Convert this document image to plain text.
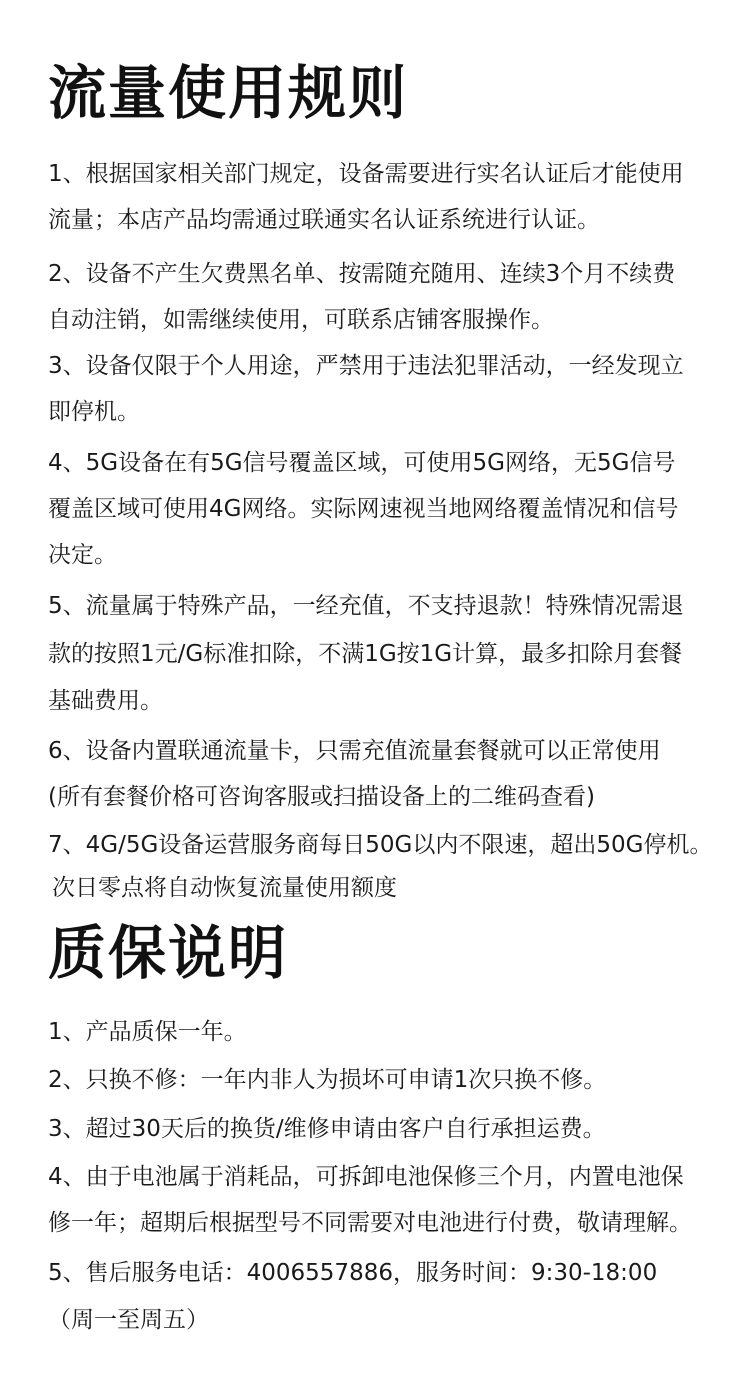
流量使用规则
1、根据国家相关部门规定，设备需要进行实名认证后才能使用
流量；本店产品均需通过联通实名认证系统进行认证。
2、设备不产生欠费黑名单、按需随充随用、连续3个月不续费
自动注销，如需继续使用，可联系店铺客服操作。
3、设备仅限于个人用途，严禁用于违法犯罪活动，一经发现立
即停机。
4、5G设备在有5G信号覆盖区域，可使用5G网络，无5G信号
覆盖区域可使用4G网络。实际网速视当地网络覆盖情况和信号
决定。
5、流量属于特殊产品，一经充值，不支持退款！特殊情况需退
款的按照1元/G标准扣除，不满1G按1G计算，最多扣除月套餐
基础费用。
6、设备内置联通流量卡，只需充值流量套餐就可以正常使用
(所有套餐价格可咨询客服或扫描设备上的二维码查看)
7、4G/5G设备运营服务商每日50G以内不限速，超出50G停机。
次日零点将自动恢复流量使用额度
质保说明
1、产品质保一年。
2、只换不修：一年内非人为损坏可申请1次只换不修。
3、超过30天后的换货/维修申请由客户自行承担运费。
4、由于电池属于消耗品，可拆卸电池保修三个月，内置电池保
修一年；超期后根据型号不同需要对电池进行付费，敬请理解。
5、售后服务电话：4006557886，服务时间：9:30-18:00
（周一至周五）
